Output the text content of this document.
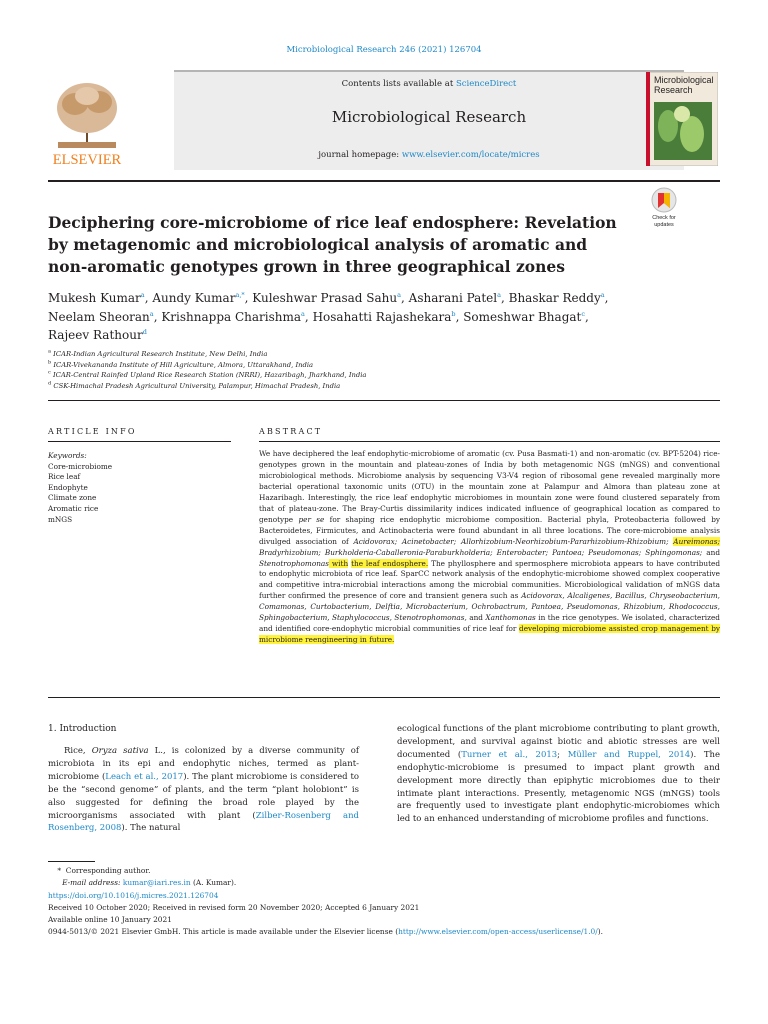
Microbiological Research 246 (2021) 126704
ELSEVIER
Contents lists available at ScienceDirect
Microbiological Research
journal homepage: www.elsevier.com/locate/micres
Microbiological
Research
Deciphering core-microbiome of rice leaf endosphere: Revelation by metagenomic and microbiological analysis of aromatic and non-aromatic genotypes grown in three geographical zones
Check for
updates
Mukesh Kumar$^a$, Aundy Kumar$^{a,*}$, Kuleshwar Prasad Sahu$^a$, Asharani Patel$^a$, Bhaskar Reddy$^a$,
Neelam Sheoran$^a$, Krishnappa Charishma$^a$, Hosahatti Rajashekara$^b$, Someshwar Bhagat$^c$,
Rajeev Rathour$^d$
$^a$ ICAR-Indian Agricultural Research Institute, New Delhi, India
$^b$ ICAR-Vivekananda Institute of Hill Agriculture, Almora, Uttarakhand, India
$^c$ ICAR-Central Rainfed Upland Rice Research Station (NRRI), Hazaribagh, Jharkhand, India
$^d$ CSK-Himachal Pradesh Agricultural University, Palampur, Himachal Pradesh, India
ARTICLE INFO
Keywords:
Core-microbiome
Rice leaf
Endophyte
Climate zone
Aromatic rice
mNGS
ABSTRACT
We have deciphered the leaf endophytic-microbiome of aromatic (cv. Pusa Basmati-1) and non-aromatic (cv. BPT-5204) rice-genotypes grown in the mountain and plateau-zones of India by both metagenomic NGS (mNGS) and conventional microbiological methods. Microbiome analysis by sequencing V3-V4 region of ribosomal gene revealed marginally more bacterial operational taxonomic units (OTU) in the mountain zone at Palampur and Almora than plateau zone at Hazaribagh. Interestingly, the rice leaf endophytic microbiomes in mountain zone were found clustered separately from that of plateau-zone. The Bray-Curtis dissimilarity indices indicated influence of geographical location as compared to genotype per se for shaping rice endophytic microbiome composition. Bacterial phyla, Proteobacteria followed by Bacteroidetes, Firmicutes, and Actinobacteria were found abundant in all three locations. The core-microbiome analysis divulged association of Acidovorax; Acinetobacter; Allorhizobium-Neorhizobium-Pararhizobium-Rhizobium; Aureimonas; Bradyrhizobium; Burkholderia-Caballeronia-Paraburkholderia; Enterobacter; Pantoea; Pseudomonas; Sphingomonas; and Stenotrophomonas with the leaf endosphere. The phyllosphere and spermosphere microbiota appears to have contributed to endophytic microbiota of rice leaf. SparCC network analysis of the endophytic-microbiome showed complex cooperative and competitive intra-microbial interactions among the microbial communities. Microbiological validation of mNGS data further confirmed the presence of core and transient genera such as Acidovorax, Alcaligenes, Bacillus, Chryseobacterium, Comamonas, Curtobacterium, Delftia, Microbacterium, Ochrobactrum, Pantoea, Pseudomonas, Rhizobium, Rhodococcus, Sphingobacterium, Staphylococcus, Stenotrophomonas, and Xanthomonas in the rice genotypes. We isolated, characterized and identified core-endophytic microbial communities of rice leaf for developing microbiome assisted crop management by microbiome reengineering in future.
1. Introduction
Rice, Oryza sativa L., is colonized by a diverse community of microbiota in its epi and endophytic niches, termed as plant-microbiome (Leach et al., 2017). The plant microbiome is considered to be the “second genome” of plants, and the term “plant holobiont” is also suggested for defining the broad role played by the microorganisms associated with plant (Zilber-Rosenberg and Rosenberg, 2008). The natural
ecological functions of the plant microbiome contributing to plant growth, development, and survival against biotic and abiotic stresses are well documented (Turner et al., 2013; Müller and Ruppel, 2014). The endophytic-microbiome is presumed to impact plant growth and development more directly than epiphytic microbiomes due to their intimate plant interactions. Presently, metagenomic NGS (mNGS) tools are frequently used to investigate plant endophytic-microbiomes which led to an enhanced understanding of microbiome profiles and functions.
*  Corresponding author.
E-mail address: kumar@iari.res.in (A. Kumar).
https://doi.org/10.1016/j.micres.2021.126704
Received 10 October 2020; Received in revised form 20 November 2020; Accepted 6 January 2021
Available online 10 January 2021
0944-5013/© 2021 Elsevier GmbH. This article is made available under the Elsevier license (http://www.elsevier.com/open-access/userlicense/1.0/).
